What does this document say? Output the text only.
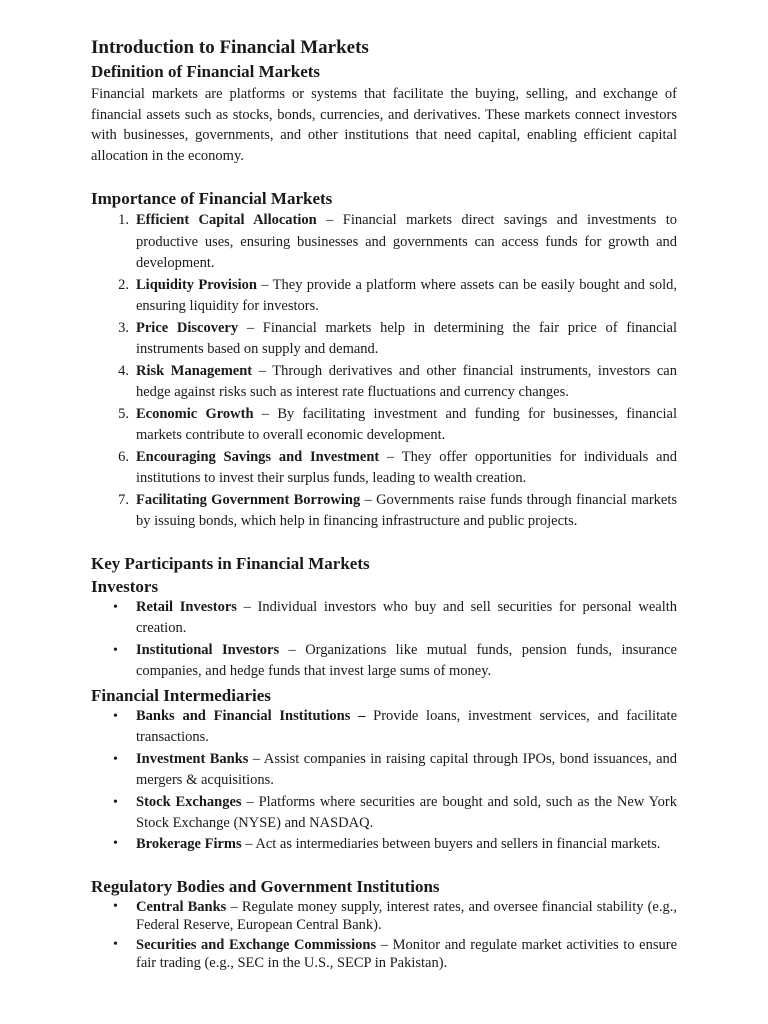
Introduction to Financial Markets
Definition of Financial Markets

Financial markets are platforms or systems that facilitate the buying, selling, and exchange of financial assets such as stocks, bonds, currencies, and derivatives. These markets connect investors with businesses, governments, and other institutions that need capital, enabling efficient capital allocation in the economy.

Importance of Financial Markets
1. Efficient Capital Allocation – Financial markets direct savings and investments to productive uses, ensuring businesses and governments can access funds for growth and development.
2. Liquidity Provision – They provide a platform where assets can be easily bought and sold, ensuring liquidity for investors.
3. Price Discovery – Financial markets help in determining the fair price of financial instruments based on supply and demand.
4. Risk Management – Through derivatives and other financial instruments, investors can hedge against risks such as interest rate fluctuations and currency changes.
5. Economic Growth – By facilitating investment and funding for businesses, financial markets contribute to overall economic development.
6. Encouraging Savings and Investment – They offer opportunities for individuals and institutions to invest their surplus funds, leading to wealth creation.
7. Facilitating Government Borrowing – Governments raise funds through financial markets by issuing bonds, which help in financing infrastructure and public projects.
Key Participants in Financial Markets
Investors
• Retail Investors – Individual investors who buy and sell securities for personal wealth creation.
• Institutional Investors – Organizations like mutual funds, pension funds, insurance companies, and hedge funds that invest large sums of money.
Financial Intermediaries
• Banks and Financial Institutions – Provide loans, investment services, and facilitate transactions.
• Investment Banks – Assist companies in raising capital through IPOs, bond issuances, and mergers & acquisitions.
• Stock Exchanges – Platforms where securities are bought and sold, such as the New York Stock Exchange (NYSE) and NASDAQ.
• Brokerage Firms – Act as intermediaries between buyers and sellers in financial markets.
Regulatory Bodies and Government Institutions
• Central Banks – Regulate money supply, interest rates, and oversee financial stability (e.g., Federal Reserve, European Central Bank).
• Securities and Exchange Commissions – Monitor and regulate market activities to ensure fair trading (e.g., SEC in the U.S., SECP in Pakistan).
